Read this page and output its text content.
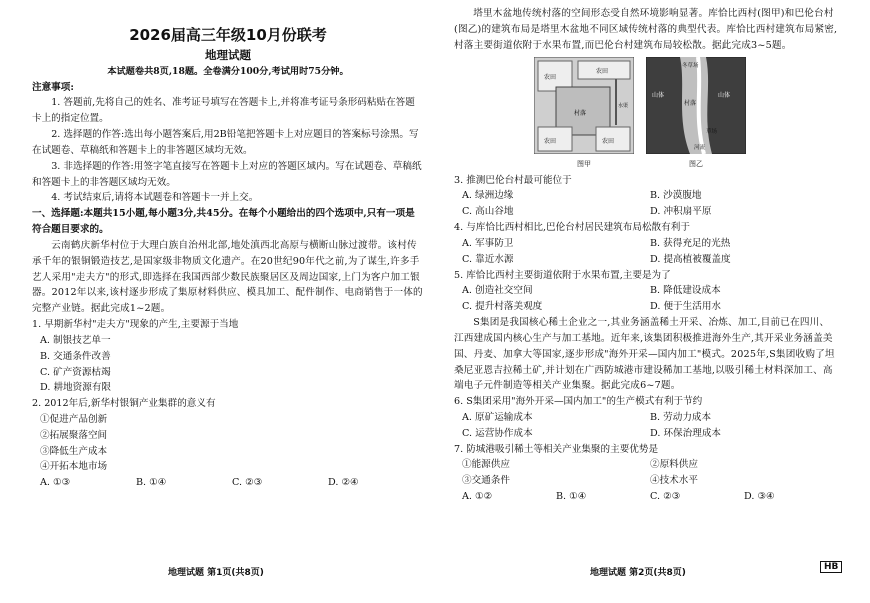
2026届高三年级10月份联考
地理试题
本试题卷共8页,18题。全卷满分100分,考试用时75分钟。
注意事项:

1. 答题前,先将自己的姓名、准考证号填写在答题卡上,并将准考证号条形码粘贴在答题卡上的指定位置。

2. 选择题的作答:选出每小题答案后,用2B铅笔把答题卡上对应题目的答案标号涂黑。写在试题卷、草稿纸和答题卡上的非答题区域均无效。

3. 非选择题的作答:用签字笔直接写在答题卡上对应的答题区域内。写在试题卷、草稿纸和答题卡上的非答题区域均无效。

4. 考试结束后,请将本试题卷和答题卡一并上交。

一、选择题:本题共15小题,每小题3分,共45分。在每个小题给出的四个选项中,只有一项是符合题目要求的。

云南鹤庆新华村位于大理白族自治州北部,地处滇西北高原与横断山脉过渡带。该村传承千年的银铜锻造技艺,是国家级非物质文化遗产。在20世纪90年代之前,为了谋生,许多手艺人采用"走夫方"的形式,即选择在我国西部少数民族聚居区及周边国家,上门为客户加工银器。2012年以来,该村逐步形成了集原材料供应、模具加工、配件制作、电商销售于一体的完整产业链。据此完成1~2题。

1. 早期新华村"走夫方"现象的产生,主要源于当地

A. 制银技艺单一
B. 交通条件改善
C. 矿产资源枯竭
D. 耕地资源有限

2. 2012年后,新华村银铜产业集群的意义有

①促进产品创新
②拓展聚落空间
③降低生产成本
④开拓本地市场
A. ①③	B. ①④	C. ②③	D. ②④
地理试题 第1页(共8页)

塔里木盆地传统村落的空间形态受自然环境影响显著。库恰比西村(图甲)和巴伦台村(图乙)的建筑布局是塔里木盆地不同区域传统村落的典型代表。库恰比西村建筑布局紧密,村落主要街道依附于水果布置,而巴伦台村建筑布局较松散。据此完成3~5题。

农田
农田
村落
农田	农田
水渠
图甲
冬草场
山体
村落
山体
草场
河流
图乙

3. 推测巴伦台村最可能位于

A. 绿洲边缘	B. 沙漠腹地
C. 高山谷地	D. 冲积扇平原

4. 与库恰比西村相比,巴伦台村居民建筑布局松散有利于

A. 军事防卫	B. 获得充足的光热
C. 靠近水源	D. 提高植被覆盖度

5. 库恰比西村主要街道依附于水果布置,主要是为了

A. 创造社交空间	B. 降低建设成本
C. 提升村落美观度	D. 便于生活用水

S集团是我国核心稀土企业之一,其业务涵盖稀土开采、冶炼、加工,目前已在四川、江西建成国内核心生产与加工基地。近年来,该集团积极推进海外生产,其开采业务涵盖美国、丹麦、加拿大等国家,逐步形成"海外开采—国内加工"模式。2025年,S集团收购了坦桑尼亚恩吉拉稀土矿,并计划在广西防城港市建设稀加工基地,以吸引稀土材料深加工、高端电子元件制造等相关产业集聚。据此完成6~7题。

6. S集团采用"海外开采—国内加工"的生产模式有利于节约

A. 原矿运输成本	B. 劳动力成本
C. 运营协作成本	D. 环保治理成本

7. 防城港吸引稀土等相关产业集聚的主要优势是

①能源供应	②原料供应
③交通条件	④技术水平
A. ①②	B. ①④	C. ②③	D. ③④
地理试题 第2页(共8页)
HB
